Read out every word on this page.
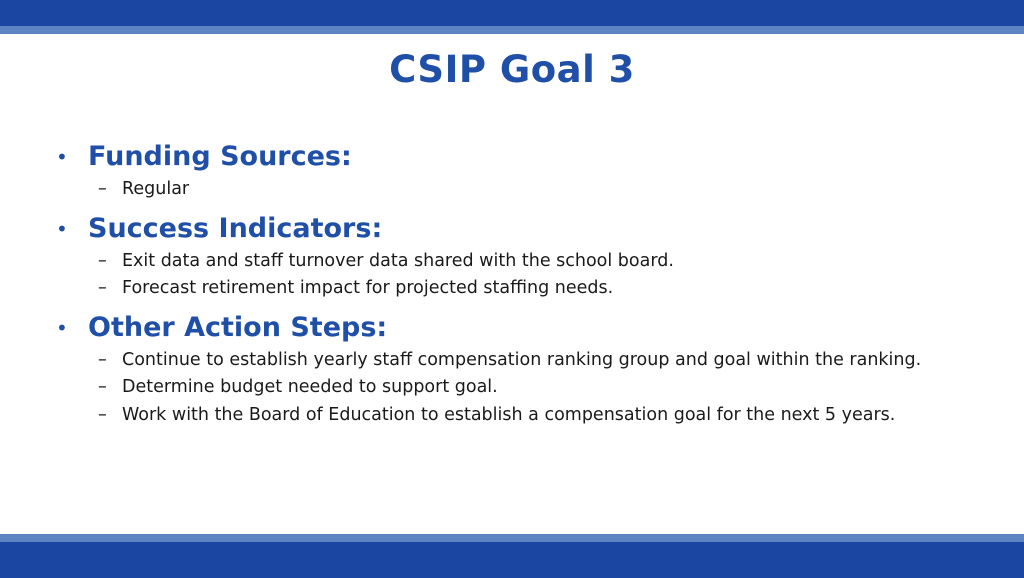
CSIP Goal 3
• Funding Sources:
– Regular
• Success Indicators:
– Exit data and staff turnover data shared with the school board.
– Forecast retirement impact for projected staffing needs.
• Other Action Steps:
– Continue to establish yearly staff compensation ranking group and goal within the ranking.
– Determine budget needed to support goal.
– Work with the Board of Education to establish a compensation goal for the next 5 years.
